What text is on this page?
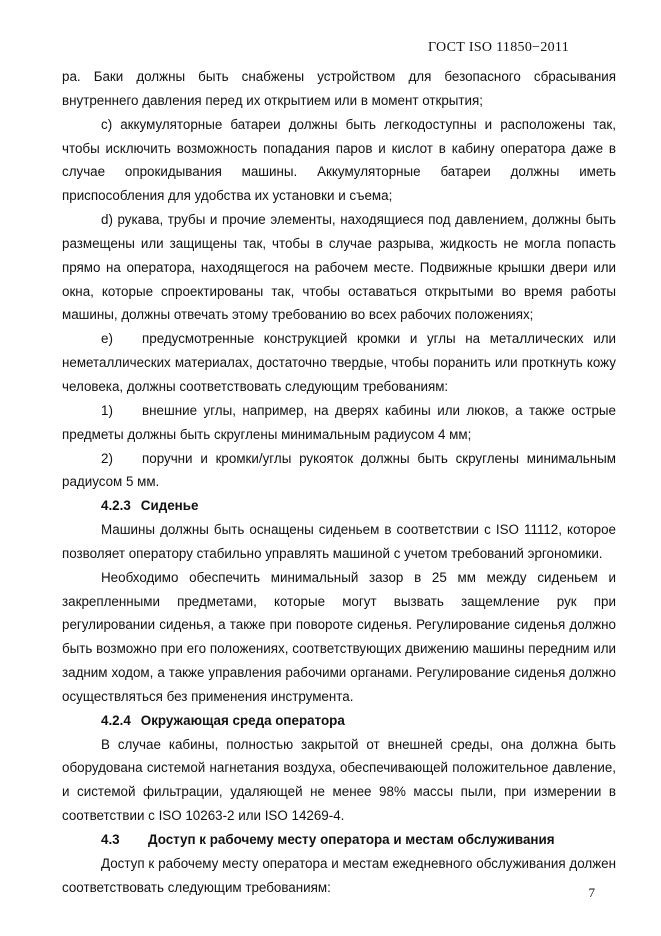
ГОСТ ISO 11850−2011

ра. Баки должны быть снабжены устройством для безопасного сбрасывания внутреннего давления перед их открытием или в момент открытия;

c) аккумуляторные батареи должны быть легкодоступны и расположены так, чтобы исключить возможность попадания паров и кислот в кабину оператора даже в случае опрокидывания машины. Аккумуляторные батареи должны иметь приспособления для удобства их установки и съема;

d) рукава, трубы и прочие элементы, находящиеся под давлением, должны быть размещены или защищены так, чтобы в случае разрыва, жидкость не могла попасть прямо на оператора, находящегося на рабочем месте. Подвижные крышки двери или окна, которые спроектированы так, чтобы оставаться открытыми во время работы машины, должны отвечать этому требованию во всех рабочих положениях;

e) предусмотренные конструкцией кромки и углы на металлических или неметаллических материалах, достаточно твердые, чтобы поранить или проткнуть кожу человека, должны соответствовать следующим требованиям:

1) внешние углы, например, на дверях кабины или люков, а также острые предметы должны быть скруглены минимальным радиусом 4 мм;

2) поручни и кромки/углы рукояток должны быть скруглены минимальным радиусом 5 мм.

4.2.3 Сиденье

Машины должны быть оснащены сиденьем в соответствии с ISO 11112, которое позволяет оператору стабильно управлять машиной с учетом требований эргономики.

Необходимо обеспечить минимальный зазор в 25 мм между сиденьем и закрепленными предметами, которые могут вызвать защемление рук при регулировании сиденья, а также при повороте сиденья. Регулирование сиденья должно быть возможно при его положениях, соответствующих движению машины передним или задним ходом, а также управления рабочими органами. Регулирование сиденья должно осуществляться без применения инструмента.

4.2.4 Окружающая среда оператора

В случае кабины, полностью закрытой от внешней среды, она должна быть оборудована системой нагнетания воздуха, обеспечивающей положительное давление, и системой фильтрации, удаляющей не менее 98% массы пыли, при измерении в соответствии с ISO 10263-2 или ISO 14269-4.

4.3 Доступ к рабочему месту оператора и местам обслуживания

Доступ к рабочему месту оператора и местам ежедневного обслуживания должен соответствовать следующим требованиям:	7
